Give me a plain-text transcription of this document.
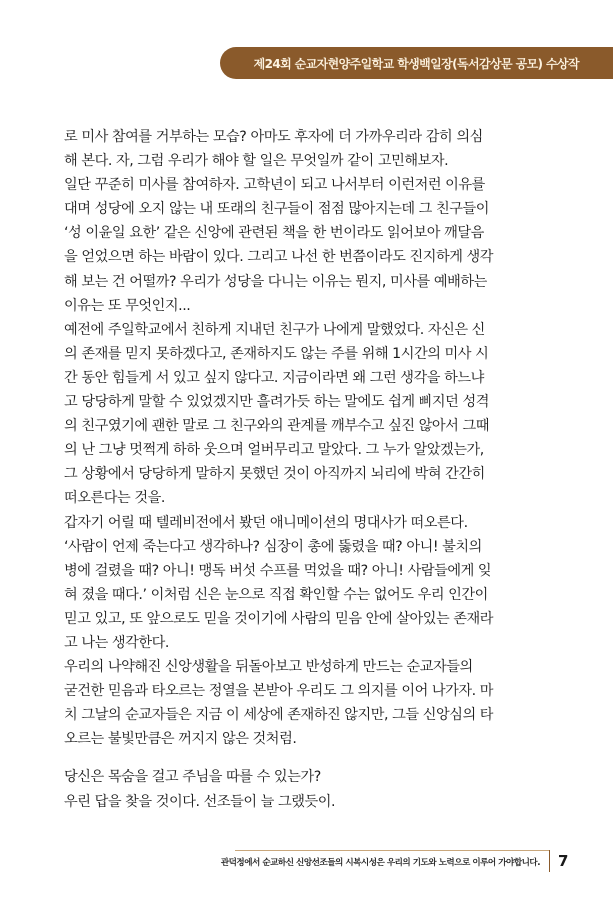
제24회 순교자현양주일학교 학생백일장(독서감상문 공모) 수상작
로 미사 참여를 거부하는 모습? 아마도 후자에 더 가까우리라 감히 의심
해 본다. 자, 그럼 우리가 해야 할 일은 무엇일까 같이 고민해보자.
일단 꾸준히 미사를 참여하자. 고학년이 되고 나서부터 이런저런 이유를
대며 성당에 오지 않는 내 또래의 친구들이 점점 많아지는데 그 친구들이
‘성 이윤일 요한’ 같은 신앙에 관련된 책을 한 번이라도 읽어보아 깨달음
을 얻었으면 하는 바람이 있다. 그리고 나선 한 번쯤이라도 진지하게 생각
해 보는 건 어떨까? 우리가 성당을 다니는 이유는 뭔지, 미사를 예배하는
이유는 또 무엇인지...
예전에 주일학교에서 친하게 지내던 친구가 나에게 말했었다. 자신은 신
의 존재를 믿지 못하겠다고, 존재하지도 않는 주를 위해 1시간의 미사 시
간 동안 힘들게 서 있고 싶지 않다고. 지금이라면 왜 그런 생각을 하느냐
고 당당하게 말할 수 있었겠지만 흘려가듯 하는 말에도 쉽게 삐지던 성격
의 친구였기에 괜한 말로 그 친구와의 관계를 깨부수고 싶진 않아서 그때
의 난 그냥 멋쩍게 하하 웃으며 얼버무리고 말았다. 그 누가 알았겠는가,
그 상황에서 당당하게 말하지 못했던 것이 아직까지 뇌리에 박혀 간간히
떠오른다는 것을.
갑자기 어릴 때 텔레비전에서 봤던 애니메이션의 명대사가 떠오른다.
‘사람이 언제 죽는다고 생각하나? 심장이 총에 뚫렸을 때? 아니! 불치의
병에 걸렸을 때? 아니! 맹독 버섯 수프를 먹었을 때? 아니! 사람들에게 잊
혀 졌을 때다.’ 이처럼 신은 눈으로 직접 확인할 수는 없어도 우리 인간이
믿고 있고, 또 앞으로도 믿을 것이기에 사람의 믿음 안에 살아있는 존재라
고 나는 생각한다.
우리의 나약해진 신앙생활을 뒤돌아보고 반성하게 만드는 순교자들의
굳건한 믿음과 타오르는 정열을 본받아 우리도 그 의지를 이어 나가자. 마
치 그날의 순교자들은 지금 이 세상에 존재하진 않지만, 그들 신앙심의 타
오르는 불빛만큼은 꺼지지 않은 것처럼.
당신은 목숨을 걸고 주님을 따를 수 있는가?
우린 답을 찾을 것이다. 선조들이 늘 그랬듯이.
관덕정에서 순교하신 신앙선조들의 시복시성은 우리의 기도와 노력으로 이루어 가야합니다. 7
